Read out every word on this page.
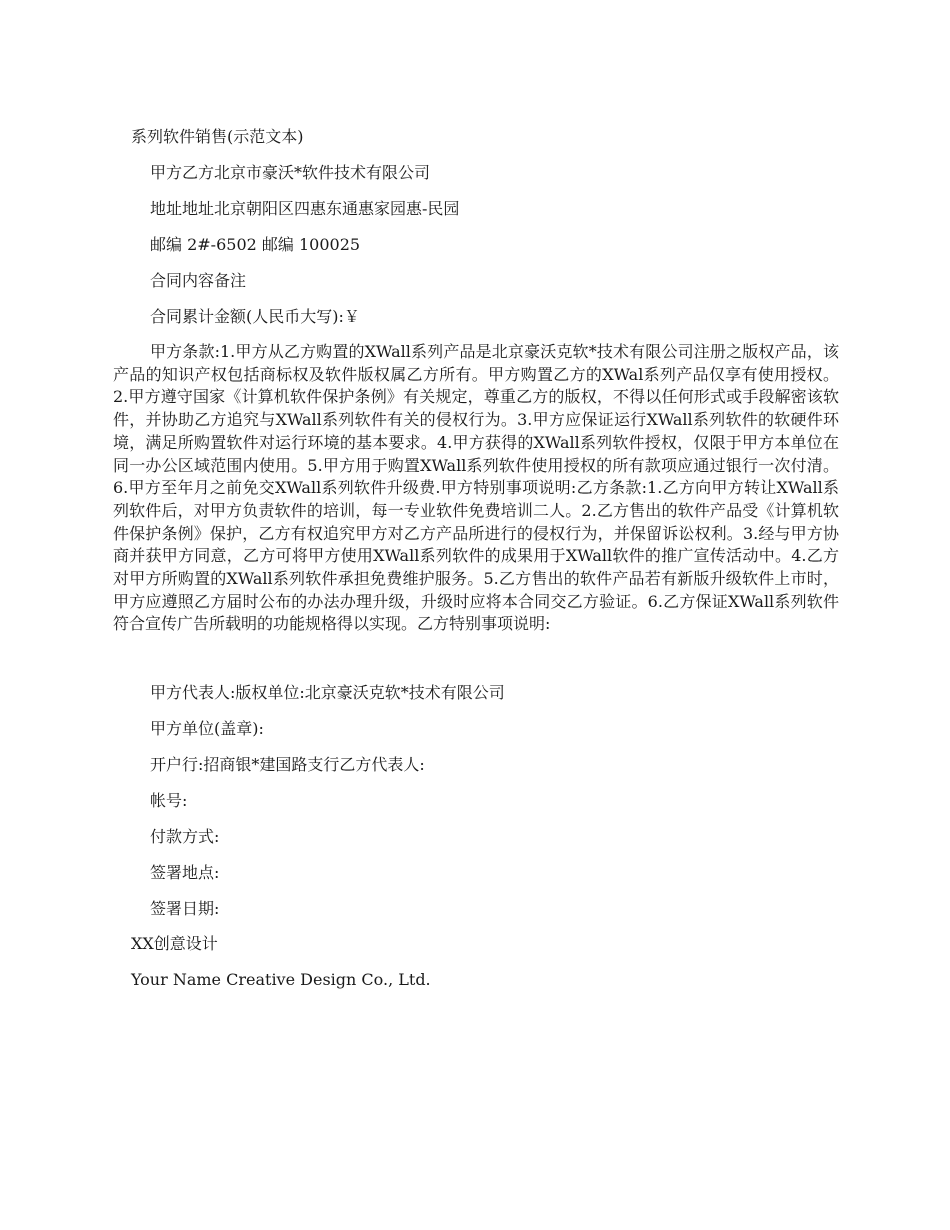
系列软件销售(示范文本)

甲方乙方北京市豪沃*软件技术有限公司

地址地址北京朝阳区四惠东通惠家园惠-民园

邮编 2#-6502 邮编 100025

合同内容备注

合同累计金额(人民币大写):￥

甲方条款:1.甲方从乙方购置的XWall系列产品是北京豪沃克软*技术有限公司注册之版权产品，该产品的知识产权包括商标权及软件版权属乙方所有。甲方购置乙方的XWal系列产品仅享有使用授权。2.甲方遵守国家《计算机软件保护条例》有关规定，尊重乙方的版权，不得以任何形式或手段解密该软件，并协助乙方追究与XWall系列软件有关的侵权行为。3.甲方应保证运行XWall系列软件的软硬件环境，满足所购置软件对运行环境的基本要求。4.甲方获得的XWall系列软件授权，仅限于甲方本单位在同一办公区域范围内使用。5.甲方用于购置XWall系列软件使用授权的所有款项应通过银行一次付清。6.甲方至年月之前免交XWall系列软件升级费.甲方特别事项说明:乙方条款:1.乙方向甲方转让XWall系列软件后，对甲方负责软件的培训，每一专业软件免费培训二人。2.乙方售出的软件产品受《计算机软件保护条例》保护，乙方有权追究甲方对乙方产品所进行的侵权行为，并保留诉讼权利。3.经与甲方协商并获甲方同意，乙方可将甲方使用XWall系列软件的成果用于XWall软件的推广宣传活动中。4.乙方对甲方所购置的XWall系列软件承担免费维护服务。5.乙方售出的软件产品若有新版升级软件上市时，甲方应遵照乙方届时公布的办法办理升级，升级时应将本合同交乙方验证。6.乙方保证XWall系列软件符合宣传广告所载明的功能规格得以实现。乙方特别事项说明:

甲方代表人:版权单位:北京豪沃克软*技术有限公司

甲方单位(盖章):

开户行:招商银*建国路支行乙方代表人:

帐号:

付款方式:

签署地点:

签署日期:

XX创意设计

Your Name Creative Design Co., Ltd.
